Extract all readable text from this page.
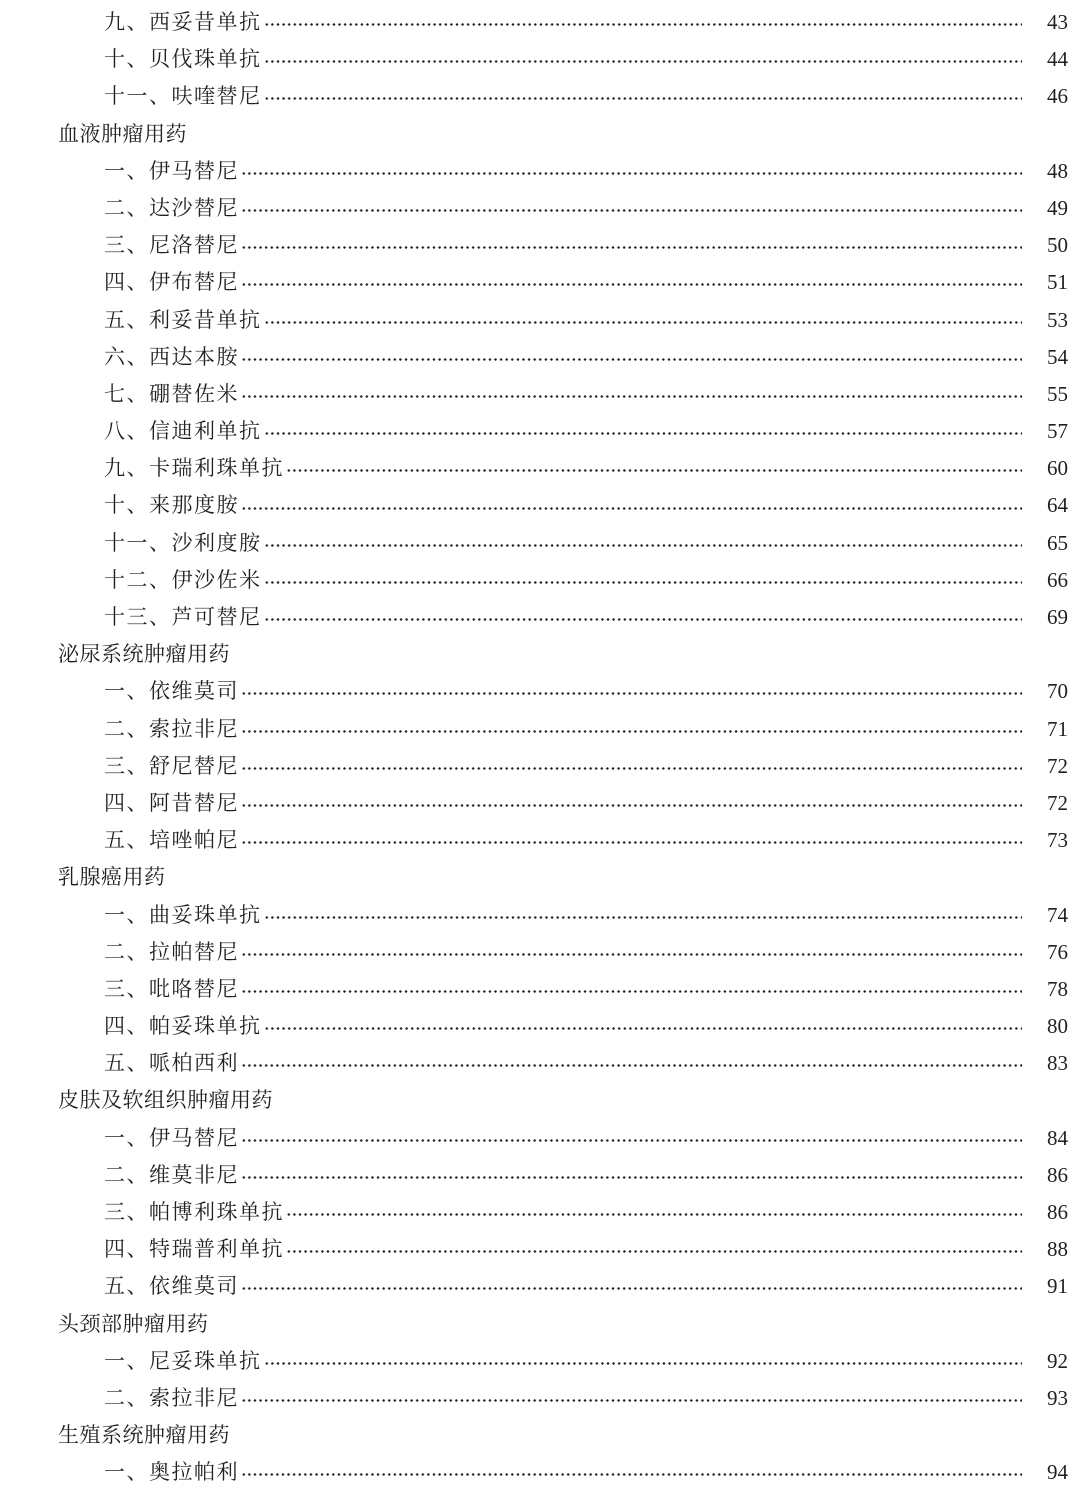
九、西妥昔单抗	43
十、贝伐珠单抗	44
十一、呋喹替尼	46
血液肿瘤用药
一、伊马替尼	48
二、达沙替尼	49
三、尼洛替尼	50
四、伊布替尼	51
五、利妥昔单抗	53
六、西达本胺	54
七、硼替佐米	55
八、信迪利单抗	57
九、卡瑞利珠单抗	60
十、来那度胺	64
十一、沙利度胺	65
十二、伊沙佐米	66
十三、芦可替尼	69
泌尿系统肿瘤用药
一、依维莫司	70
二、索拉非尼	71
三、舒尼替尼	72
四、阿昔替尼	72
五、培唑帕尼	73
乳腺癌用药
一、曲妥珠单抗	74
二、拉帕替尼	76
三、吡咯替尼	78
四、帕妥珠单抗	80
五、哌柏西利	83
皮肤及软组织肿瘤用药
一、伊马替尼	84
二、维莫非尼	86
三、帕博利珠单抗	86
四、特瑞普利单抗	88
五、依维莫司	91
头颈部肿瘤用药
一、尼妥珠单抗	92
二、索拉非尼	93
生殖系统肿瘤用药
一、奥拉帕利	94
